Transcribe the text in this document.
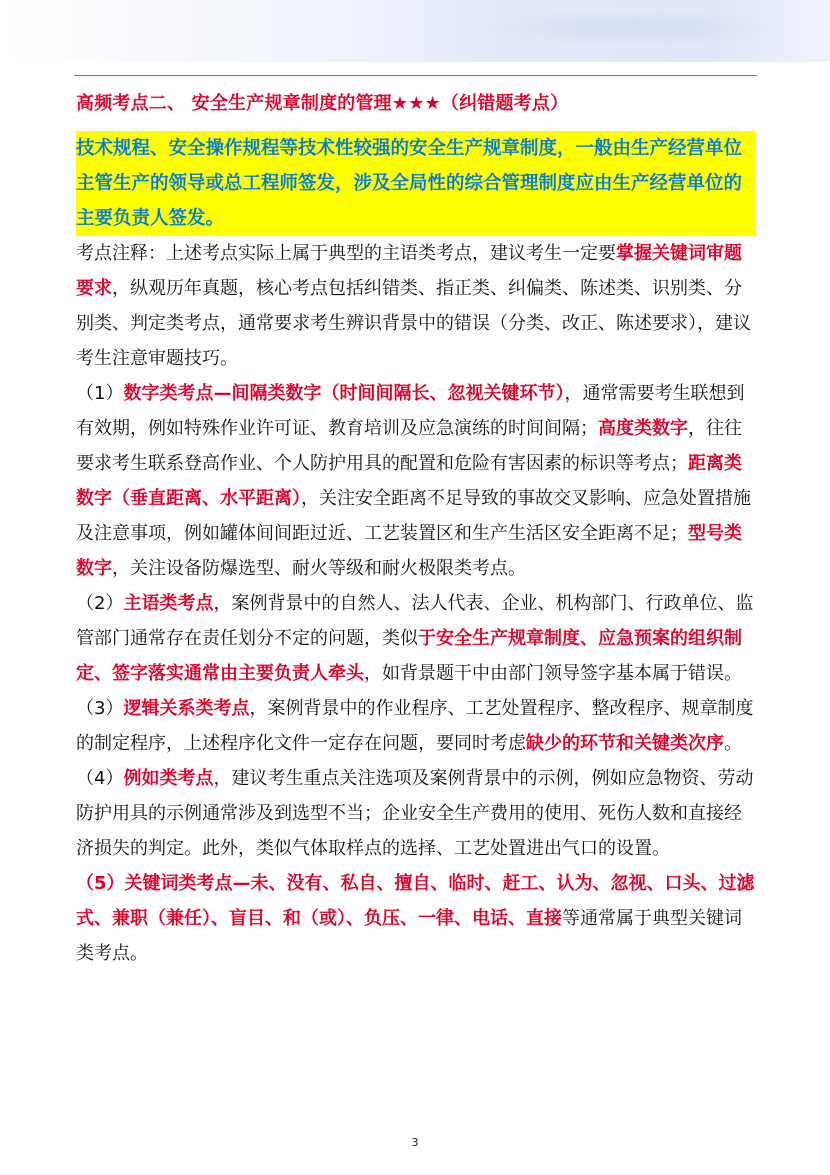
高频考点二、 安全生产规章制度的管理★★★（纠错题考点）

技术规程、安全操作规程等技术性较强的安全生产规章制度，一般由生产经营单位主管生产的领导或总工程师签发，涉及全局性的综合管理制度应由生产经营单位的主要负责人签发。

考点注释：上述考点实际上属于典型的主语类考点，建议考生一定要掌握关键词审题要求，纵观历年真题，核心考点包括纠错类、指正类、纠偏类、陈述类、识别类、分别类、判定类考点，通常要求考生辨识背景中的错误（分类、改正、陈述要求），建议考生注意审题技巧。

（1）数字类考点—间隔类数字（时间间隔长、忽视关键环节），通常需要考生联想到有效期，例如特殊作业许可证、教育培训及应急演练的时间间隔；高度类数字，往往要求考生联系登高作业、个人防护用具的配置和危险有害因素的标识等考点；距离类数字（垂直距离、水平距离），关注安全距离不足导致的事故交叉影响、应急处置措施及注意事项，例如罐体间间距过近、工艺装置区和生产生活区安全距离不足；型号类数字，关注设备防爆选型、耐火等级和耐火极限类考点。

（2）主语类考点，案例背景中的自然人、法人代表、企业、机构部门、行政单位、监管部门通常存在责任划分不定的问题，类似于安全生产规章制度、应急预案的组织制定、签字落实通常由主要负责人牵头，如背景题干中由部门领导签字基本属于错误。

（3）逻辑关系类考点，案例背景中的作业程序、工艺处置程序、整改程序、规章制度的制定程序，上述程序化文件一定存在问题，要同时考虑缺少的环节和关键类次序。

（4）例如类考点，建议考生重点关注选项及案例背景中的示例，例如应急物资、劳动防护用具的示例通常涉及到选型不当；企业安全生产费用的使用、死伤人数和直接经济损失的判定。此外，类似气体取样点的选择、工艺处置进出气口的设置。

（5）关键词类考点—未、没有、私自、擅自、临时、赶工、认为、忽视、口头、过滤式、兼职（兼任）、盲目、和（或）、负压、一律、电话、直接等通常属于典型关键词类考点。

3
